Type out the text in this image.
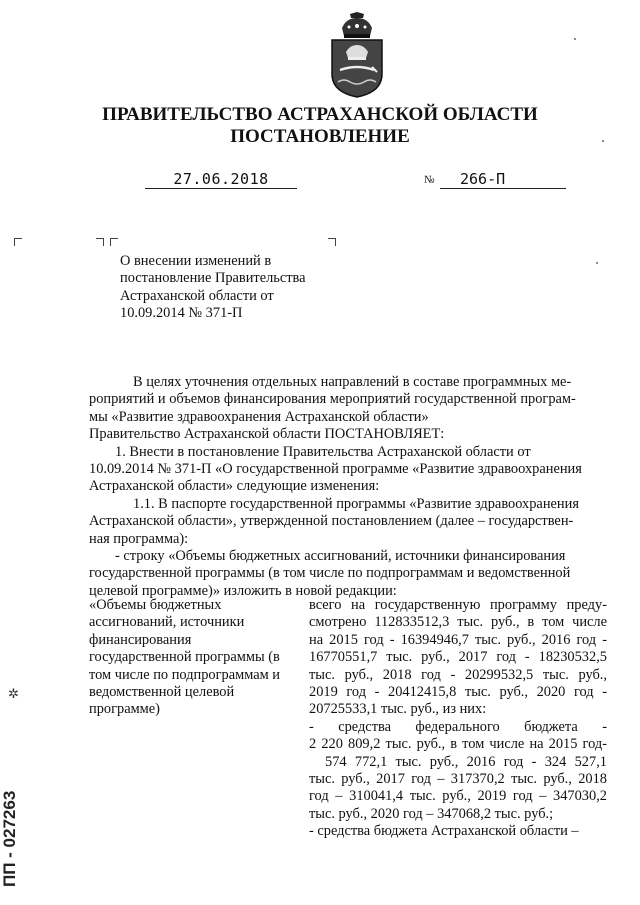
ПРАВИТЕЛЬСТВО АСТРАХАНСКОЙ ОБЛАСТИ
ПОСТАНОВЛЕНИЕ
27.06.2018	№	266-П
О внесении изменений в
постановление Правительства
Астраханской области от
10.09.2014 № 371-П

В целях уточнения отдельных направлений в составе программных ме-

роприятий и объемов финансирования мероприятий государственной програм-

мы «Развитие здравоохранения Астраханской области»

Правительство Астраханской области ПОСТАНОВЛЯЕТ:

1. Внести в постановление Правительства Астраханской области от

10.09.2014 № 371-П «О государственной программе «Развитие здравоохранения

Астраханской области» следующие изменения:

1.1. В паспорте государственной программы «Развитие здравоохранения

Астраханской области», утвержденной постановлением (далее – государствен-

ная программа):

- строку «Объемы бюджетных ассигнований, источники финансирования

государственной программы (в том числе по подпрограммам и ведомственной

целевой программе)» изложить в новой редакции:

«Объемы бюджетных

ассигнований, источники

финансирования

государственной программы (в

том числе по подпрограммам и

ведомственной целевой

программе)

всего на государственную программу преду-

смотрено 112833512,3 тыс. руб., в том числе

на 2015 год - 16394946,7 тыс. руб., 2016 год -

16770551,7 тыс. руб., 2017 год - 18230532,5

тыс. руб., 2018 год - 20299532,5 тыс. руб.,

2019 год - 20412415,8 тыс. руб., 2020 год -

20725533,1 тыс. руб., из них:

- средства федерального бюджета -

2 220 809,2 тыс. руб., в том числе на 2015 год-

574 772,1 тыс. руб., 2016 год - 324 527,1

тыс. руб., 2017 год – 317370,2 тыс. руб., 2018

год – 310041,4 тыс. руб., 2019 год – 347030,2

тыс. руб., 2020 год – 347068,2 тыс. руб.;

- средства бюджета Астраханской области –

ПП - 027263
✲
